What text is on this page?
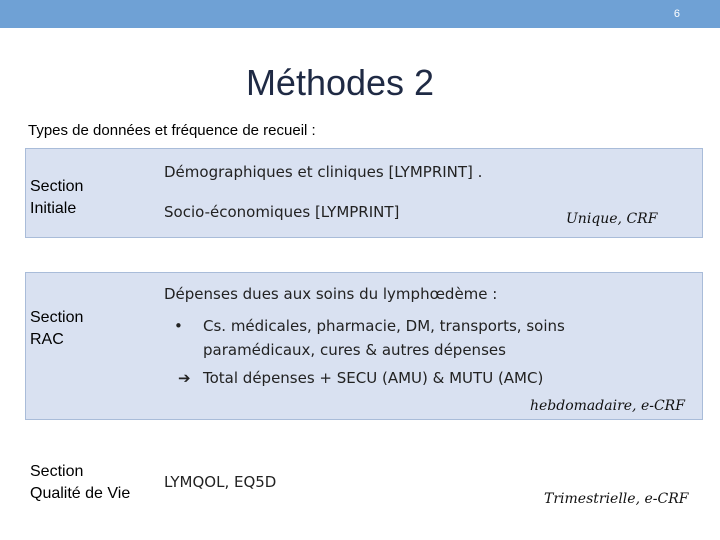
6
Méthodes 2
Types de données et fréquence de recueil :
Section
Initiale
Démographiques et cliniques [LYMPRINT] .
Socio-économiques [LYMPRINT]	Unique, CRF
Section
RAC
Dépenses dues aux soins du lymphœdème :
• Cs. médicales, pharmacie, DM, transports, soins
paramédicaux, cures & autres dépenses
➔ Total dépenses + SECU (AMU) & MUTU (AMC)
hebdomadaire, e-CRF
Section
Qualité de Vie
LYMQOL, EQ5D
Trimestrielle, e-CRF
